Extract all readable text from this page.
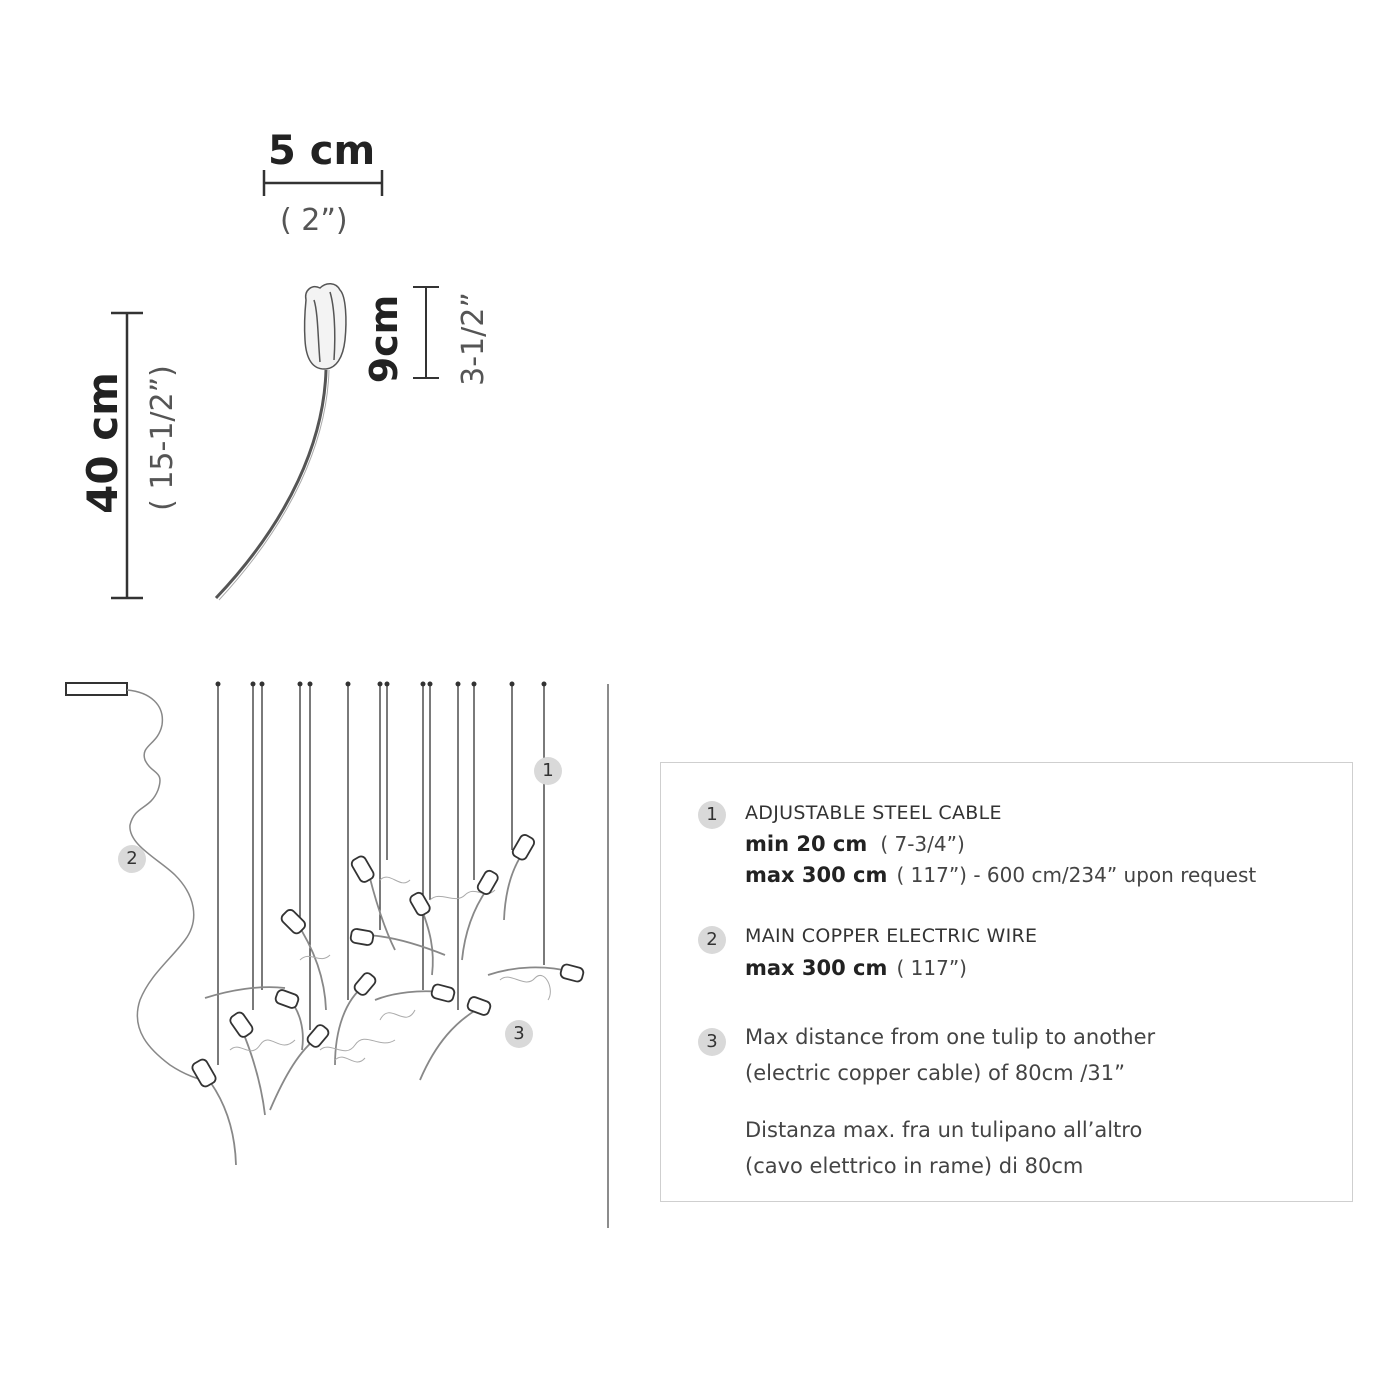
5 cm
( 2”)
40 cm ( 15-1/2”)
9cm 3-1/2”
1
2
3
1	ADJUSTABLE STEEL CABLE
min 20 cm ( 7-3/4”)
max 300 cm ( 117”) - 600 cm/234” upon request
2	MAIN COPPER ELECTRIC WIRE
max 300 cm ( 117”)
3	Max distance from one tulip to another
(electric copper cable) of 80cm /31”
Distanza max. fra un tulipano all’altro
(cavo elettrico in rame) di 80cm
